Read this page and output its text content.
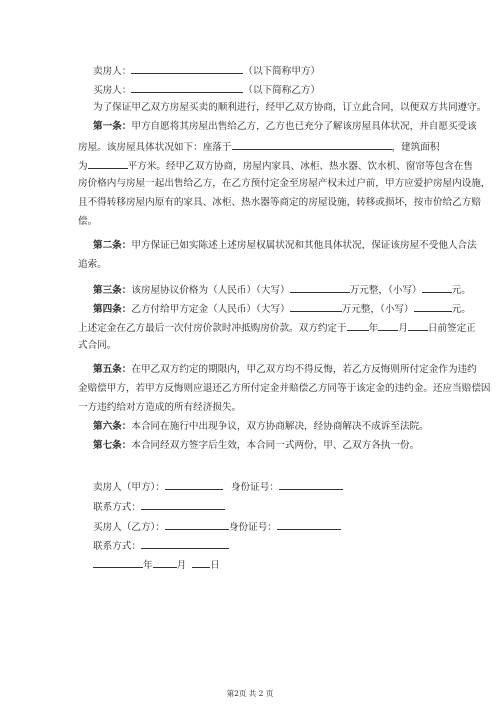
卖房人：	（以下简称甲方）
买房人：	（以下简称乙方）
为了保证甲乙双方房屋买卖的顺利进行，经甲乙双方协商，订立此合同，以便双方共同遵守。
第一条：甲方自愿将其房屋出售给乙方，乙方也已充分了解该房屋具体状况，并自愿买受该
房屋。该房屋具体状况如下：座落于	，建筑面积
为	平方米。经甲乙双方协商，房屋内家具、冰柜、热水器、饮水机、窗帘等包含在售
房价格内与房屋一起出售给乙方，在乙方预付定金至房屋产权未过户前，甲方应爱护房屋内设施，
且不得转移房屋内原有的家具、冰柜、热水器等商定的房屋设施，转移或损坏，按市价给乙方赔
偿。
第二条：甲方保证已如实陈述上述房屋权属状况和其他具体状况，保证该房屋不受他人合法
追索。
第三条：该房屋协议价格为（人民币）（大写）	万元整，（小写）	元。
第四条：乙方付给甲方定金（人民币）（大写）	万元整，（小写）	元。
上述定金在乙方最后一次付房价款时冲抵购房价款。双方约定于 年 月 日前签定正
式合同。
第五条：在甲乙双方约定的期限内，甲乙双方均不得反悔，若乙方反悔则所付定金作为违约
金赔偿甲方，若甲方反悔则应退还乙方所付定金并赔偿乙方同等于该定金的违约金。还应当赔偿因
一方违约给对方造成的所有经济损失。
第六条：本合同在施行中出现争议，双方协商解决，经协商解决不成诉至法院。
第七条：本合同经双方签字后生效，本合同一式两份，甲、乙双方各执一份。
卖房人（甲方）：	身份证号：
联系方式：
买房人（乙方）：	身份证号：
联系方式：
年	月	日
第2页 共 2 页
